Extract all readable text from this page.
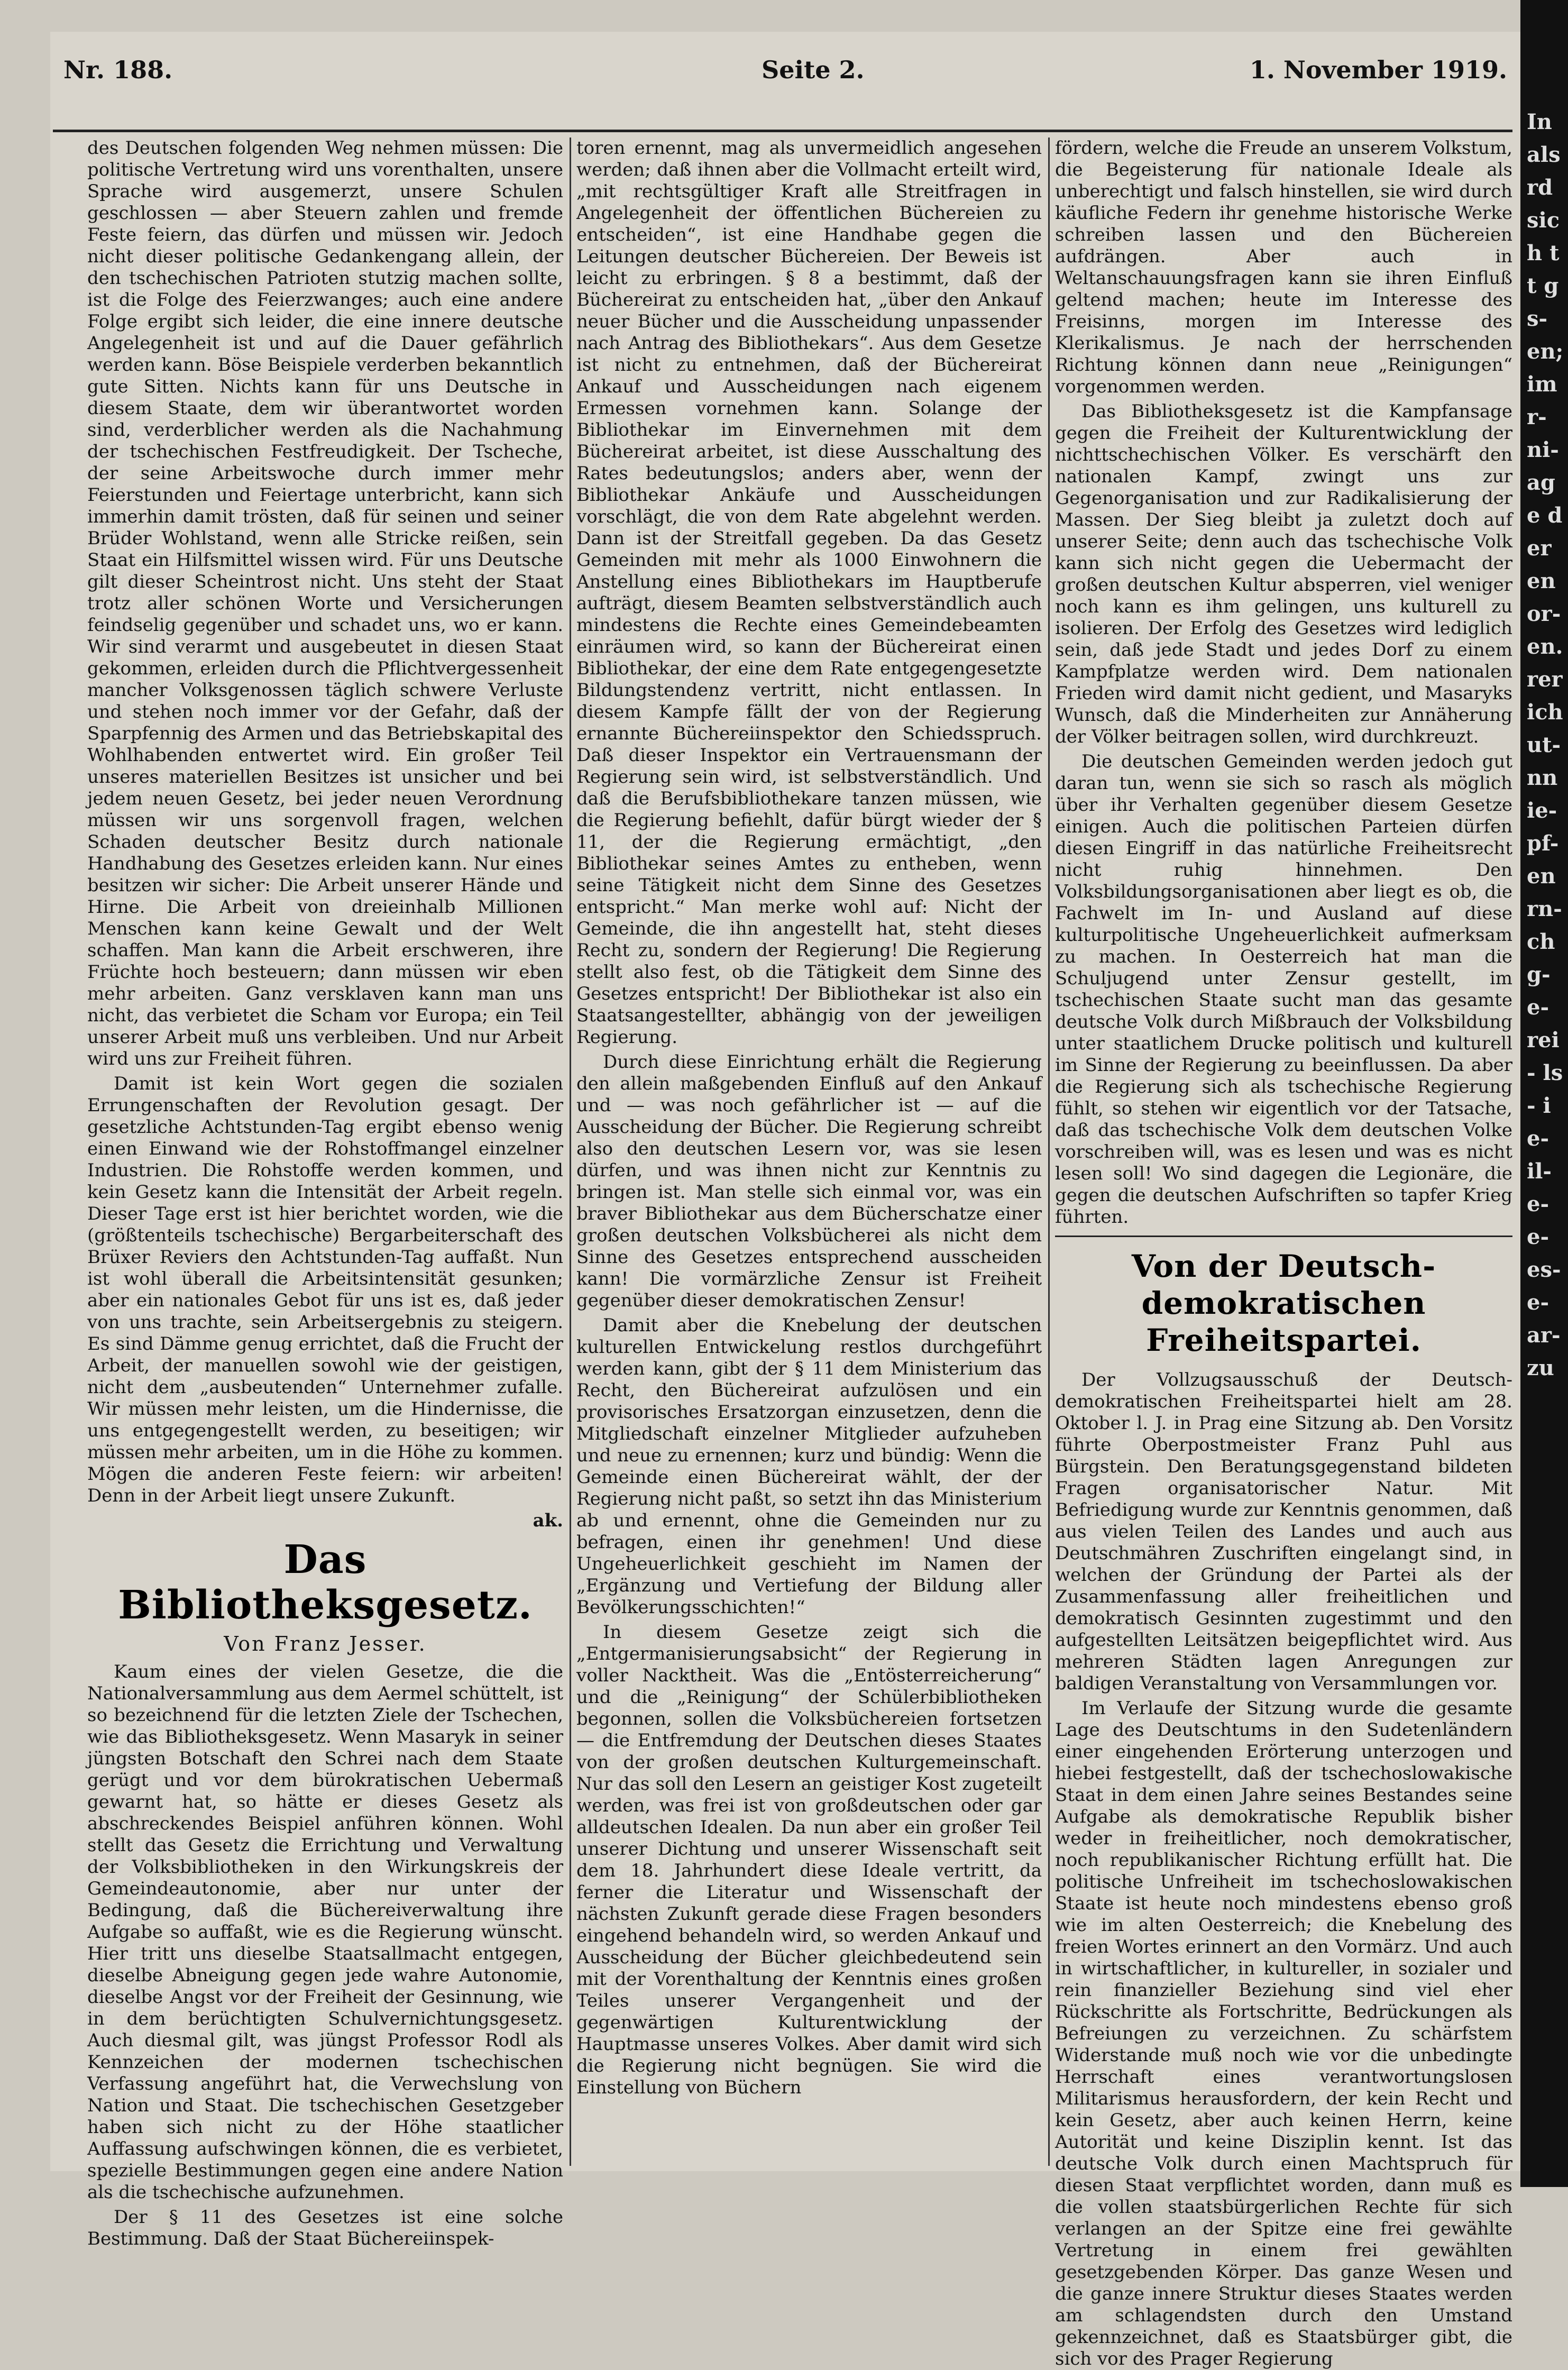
In als rd sich tt gs- en; im r- ni- age der en or- en. rer ich ut- nn ie- pf- en rn- ch g- e- rei- ls- ie- il- e- e- es- e- ar- zu
Nr. 188.	Seite 2.	1. November 1919.

des Deutschen folgenden Weg nehmen müssen: Die politische Vertretung wird uns vorenthalten, unsere Sprache wird ausgemerzt, unsere Schulen geschlossen — aber Steuern zahlen und fremde Feste feiern, das dürfen und müssen wir. Jedoch nicht dieser politische Gedankengang allein, der den tschechischen Patrioten stutzig machen sollte, ist die Folge des Feierzwanges; auch eine andere Folge ergibt sich leider, die eine innere deutsche Angelegenheit ist und auf die Dauer gefährlich werden kann. Böse Beispiele verderben bekanntlich gute Sitten. Nichts kann für uns Deutsche in diesem Staate, dem wir überantwortet worden sind, verderblicher werden als die Nachahmung der tschechischen Festfreudigkeit. Der Tscheche, der seine Arbeitswoche durch immer mehr Feierstunden und Feiertage unterbricht, kann sich immerhin damit trösten, daß für seinen und seiner Brüder Wohlstand, wenn alle Stricke reißen, sein Staat ein Hilfsmittel wissen wird. Für uns Deutsche gilt dieser Scheintrost nicht. Uns steht der Staat trotz aller schönen Worte und Versicherungen feindselig gegenüber und schadet uns, wo er kann. Wir sind verarmt und ausgebeutet in diesen Staat gekommen, erleiden durch die Pflichtvergessenheit mancher Volksgenossen täglich schwere Verluste und stehen noch immer vor der Gefahr, daß der Sparpfennig des Armen und das Betriebskapital des Wohlhabenden entwertet wird. Ein großer Teil unseres materiellen Besitzes ist unsicher und bei jedem neuen Gesetz, bei jeder neuen Verordnung müssen wir uns sorgenvoll fragen, welchen Schaden deutscher Besitz durch nationale Handhabung des Gesetzes erleiden kann. Nur eines besitzen wir sicher: Die Arbeit unserer Hände und Hirne. Die Arbeit von dreieinhalb Millionen Menschen kann keine Gewalt und der Welt schaffen. Man kann die Arbeit erschweren, ihre Früchte hoch besteuern; dann müssen wir eben mehr arbeiten. Ganz versklaven kann man uns nicht, das verbietet die Scham vor Europa; ein Teil unserer Arbeit muß uns verbleiben. Und nur Arbeit wird uns zur Freiheit führen.

Damit ist kein Wort gegen die sozialen Errungenschaften der Revolution gesagt. Der gesetzliche Achtstunden-Tag ergibt ebenso wenig einen Einwand wie der Rohstoffmangel einzelner Industrien. Die Rohstoffe werden kommen, und kein Gesetz kann die Intensität der Arbeit regeln. Dieser Tage erst ist hier berichtet worden, wie die (größtenteils tschechische) Bergarbeiterschaft des Brüxer Reviers den Achtstunden-Tag auffaßt. Nun ist wohl überall die Arbeitsintensität gesunken; aber ein nationales Gebot für uns ist es, daß jeder von uns trachte, sein Arbeitsergebnis zu steigern. Es sind Dämme genug errichtet, daß die Frucht der Arbeit, der manuellen sowohl wie der geistigen, nicht dem „ausbeutenden“ Unternehmer zufalle. Wir müssen mehr leisten, um die Hindernisse, die uns entgegengestellt werden, zu beseitigen; wir müssen mehr arbeiten, um in die Höhe zu kommen. Mögen die anderen Feste feiern: wir arbeiten! Denn in der Arbeit liegt unsere Zukunft.

ak.

Das Bibliotheksgesetz.
Von Franz Jesser.

Kaum eines der vielen Gesetze, die die Nationalversammlung aus dem Aermel schüttelt, ist so bezeichnend für die letzten Ziele der Tschechen, wie das Bibliotheksgesetz. Wenn Masaryk in seiner jüngsten Botschaft den Schrei nach dem Staate gerügt und vor dem bürokratischen Uebermaß gewarnt hat, so hätte er dieses Gesetz als abschreckendes Beispiel anführen können. Wohl stellt das Gesetz die Errichtung und Verwaltung der Volksbibliotheken in den Wirkungskreis der Gemeindeautonomie, aber nur unter der Bedingung, daß die Büchereiverwaltung ihre Aufgabe so auffaßt, wie es die Regierung wünscht. Hier tritt uns dieselbe Staatsallmacht entgegen, dieselbe Abneigung gegen jede wahre Autonomie, dieselbe Angst vor der Freiheit der Gesinnung, wie in dem berüchtigten Schulvernichtungsgesetz. Auch diesmal gilt, was jüngst Professor Rodl als Kennzeichen der modernen tschechischen Verfassung angeführt hat, die Verwechslung von Nation und Staat. Die tschechischen Gesetzgeber haben sich nicht zu der Höhe staatlicher Auffassung aufschwingen können, die es verbietet, spezielle Bestimmungen gegen eine andere Nation als die tschechische aufzunehmen.

Der § 11 des Gesetzes ist eine solche Bestimmung. Daß der Staat Büchereiinspek-

toren ernennt, mag als unvermeidlich angesehen werden; daß ihnen aber die Vollmacht erteilt wird, „mit rechtsgültiger Kraft alle Streitfragen in Angelegenheit der öffentlichen Büchereien zu entscheiden“, ist eine Handhabe gegen die Leitungen deutscher Büchereien. Der Beweis ist leicht zu erbringen. § 8 a bestimmt, daß der Büchereirat zu entscheiden hat, „über den Ankauf neuer Bücher und die Ausscheidung unpassender nach Antrag des Bibliothekars“. Aus dem Gesetze ist nicht zu entnehmen, daß der Büchereirat Ankauf und Ausscheidungen nach eigenem Ermessen vornehmen kann. Solange der Bibliothekar im Einvernehmen mit dem Büchereirat arbeitet, ist diese Ausschaltung des Rates bedeutungslos; anders aber, wenn der Bibliothekar Ankäufe und Ausscheidungen vorschlägt, die von dem Rate abgelehnt werden. Dann ist der Streitfall gegeben. Da das Gesetz Gemeinden mit mehr als 1000 Einwohnern die Anstellung eines Bibliothekars im Hauptberufe aufträgt, diesem Beamten selbstverständlich auch mindestens die Rechte eines Gemeindebeamten einräumen wird, so kann der Büchereirat einen Bibliothekar, der eine dem Rate entgegengesetzte Bildungstendenz vertritt, nicht entlassen. In diesem Kampfe fällt der von der Regierung ernannte Büchereiinspektor den Schiedsspruch. Daß dieser Inspektor ein Vertrauensmann der Regierung sein wird, ist selbstverständlich. Und daß die Berufsbibliothekare tanzen müssen, wie die Regierung befiehlt, dafür bürgt wieder der § 11, der die Regierung ermächtigt, „den Bibliothekar seines Amtes zu entheben, wenn seine Tätigkeit nicht dem Sinne des Gesetzes entspricht.“ Man merke wohl auf: Nicht der Gemeinde, die ihn angestellt hat, steht dieses Recht zu, sondern der Regierung! Die Regierung stellt also fest, ob die Tätigkeit dem Sinne des Gesetzes entspricht! Der Bibliothekar ist also ein Staatsangestellter, abhängig von der jeweiligen Regierung.

Durch diese Einrichtung erhält die Regierung den allein maßgebenden Einfluß auf den Ankauf und — was noch gefährlicher ist — auf die Ausscheidung der Bücher. Die Regierung schreibt also den deutschen Lesern vor, was sie lesen dürfen, und was ihnen nicht zur Kenntnis zu bringen ist. Man stelle sich einmal vor, was ein braver Bibliothekar aus dem Bücherschatze einer großen deutschen Volksbücherei als nicht dem Sinne des Gesetzes entsprechend ausscheiden kann! Die vormärzliche Zensur ist Freiheit gegenüber dieser demokratischen Zensur!

Damit aber die Knebelung der deutschen kulturellen Entwickelung restlos durchgeführt werden kann, gibt der § 11 dem Ministerium das Recht, den Büchereirat aufzulösen und ein provisorisches Ersatzorgan einzusetzen, denn die Mitgliedschaft einzelner Mitglieder aufzuheben und neue zu ernennen; kurz und bündig: Wenn die Gemeinde einen Büchereirat wählt, der der Regierung nicht paßt, so setzt ihn das Ministerium ab und ernennt, ohne die Gemeinden nur zu befragen, einen ihr genehmen! Und diese Ungeheuerlichkeit geschieht im Namen der „Ergänzung und Vertiefung der Bildung aller Bevölkerungsschichten!“

In diesem Gesetze zeigt sich die „Entgermanisierungsabsicht“ der Regierung in voller Nacktheit. Was die „Entösterreicherung“ und die „Reinigung“ der Schülerbibliotheken begonnen, sollen die Volksbüchereien fortsetzen — die Entfremdung der Deutschen dieses Staates von der großen deutschen Kulturgemeinschaft. Nur das soll den Lesern an geistiger Kost zugeteilt werden, was frei ist von großdeutschen oder gar alldeutschen Idealen. Da nun aber ein großer Teil unserer Dichtung und unserer Wissenschaft seit dem 18. Jahrhundert diese Ideale vertritt, da ferner die Literatur und Wissenschaft der nächsten Zukunft gerade diese Fragen besonders eingehend behandeln wird, so werden Ankauf und Ausscheidung der Bücher gleichbedeutend sein mit der Vorenthaltung der Kenntnis eines großen Teiles unserer Vergangenheit und der gegenwärtigen Kulturentwicklung der Hauptmasse unseres Volkes. Aber damit wird sich die Regierung nicht begnügen. Sie wird die Einstellung von Büchern

fördern, welche die Freude an unserem Volkstum, die Begeisterung für nationale Ideale als unberechtigt und falsch hinstellen, sie wird durch käufliche Federn ihr genehme historische Werke schreiben lassen und den Büchereien aufdrängen. Aber auch in Weltanschauungsfragen kann sie ihren Einfluß geltend machen; heute im Interesse des Freisinns, morgen im Interesse des Klerikalismus. Je nach der herrschenden Richtung können dann neue „Reinigungen“ vorgenommen werden.

Das Bibliotheksgesetz ist die Kampfansage gegen die Freiheit der Kulturentwicklung der nichttschechischen Völker. Es verschärft den nationalen Kampf, zwingt uns zur Gegenorganisation und zur Radikalisierung der Massen. Der Sieg bleibt ja zuletzt doch auf unserer Seite; denn auch das tschechische Volk kann sich nicht gegen die Uebermacht der großen deutschen Kultur absperren, viel weniger noch kann es ihm gelingen, uns kulturell zu isolieren. Der Erfolg des Gesetzes wird lediglich sein, daß jede Stadt und jedes Dorf zu einem Kampfplatze werden wird. Dem nationalen Frieden wird damit nicht gedient, und Masaryks Wunsch, daß die Minderheiten zur Annäherung der Völker beitragen sollen, wird durchkreuzt.

Die deutschen Gemeinden werden jedoch gut daran tun, wenn sie sich so rasch als möglich über ihr Verhalten gegenüber diesem Gesetze einigen. Auch die politischen Parteien dürfen diesen Eingriff in das natürliche Freiheitsrecht nicht ruhig hinnehmen. Den Volksbildungsorganisationen aber liegt es ob, die Fachwelt im In- und Ausland auf diese kulturpolitische Ungeheuerlichkeit aufmerksam zu machen. In Oesterreich hat man die Schuljugend unter Zensur gestellt, im tschechischen Staate sucht man das gesamte deutsche Volk durch Mißbrauch der Volksbildung unter staatlichem Drucke politisch und kulturell im Sinne der Regierung zu beeinflussen. Da aber die Regierung sich als tschechische Regierung fühlt, so stehen wir eigentlich vor der Tatsache, daß das tschechische Volk dem deutschen Volke vorschreiben will, was es lesen und was es nicht lesen soll! Wo sind dagegen die Legionäre, die gegen die deutschen Aufschriften so tapfer Krieg führten.

Von der Deutsch-demokratischen Freiheitspartei.

Der Vollzugsausschuß der Deutsch-demokratischen Freiheitspartei hielt am 28. Oktober l. J. in Prag eine Sitzung ab. Den Vorsitz führte Oberpostmeister Franz Puhl aus Bürgstein. Den Beratungsgegenstand bildeten Fragen organisatorischer Natur. Mit Befriedigung wurde zur Kenntnis genommen, daß aus vielen Teilen des Landes und auch aus Deutschmähren Zuschriften eingelangt sind, in welchen der Gründung der Partei als der Zusammenfassung aller freiheitlichen und demokratisch Gesinnten zugestimmt und den aufgestellten Leitsätzen beigepflichtet wird. Aus mehreren Städten lagen Anregungen zur baldigen Veranstaltung von Versammlungen vor.

Im Verlaufe der Sitzung wurde die gesamte Lage des Deutschtums in den Sudetenländern einer eingehenden Erörterung unterzogen und hiebei festgestellt, daß der tschechoslowakische Staat in dem einen Jahre seines Bestandes seine Aufgabe als demokratische Republik bisher weder in freiheitlicher, noch demokratischer, noch republikanischer Richtung erfüllt hat. Die politische Unfreiheit im tschechoslowakischen Staate ist heute noch mindestens ebenso groß wie im alten Oesterreich; die Knebelung des freien Wortes erinnert an den Vormärz. Und auch in wirtschaftlicher, in kultureller, in sozialer und rein finanzieller Beziehung sind viel eher Rückschritte als Fortschritte, Bedrückungen als Befreiungen zu verzeichnen. Zu schärfstem Widerstande muß noch wie vor die unbedingte Herrschaft eines verantwortungslosen Militarismus herausfordern, der kein Recht und kein Gesetz, aber auch keinen Herrn, keine Autorität und keine Disziplin kennt. Ist das deutsche Volk durch einen Machtspruch für diesen Staat verpflichtet worden, dann muß es die vollen staatsbürgerlichen Rechte für sich verlangen an der Spitze eine frei gewählte Vertretung in einem frei gewählten gesetzgebenden Körper. Das ganze Wesen und die ganze innere Struktur dieses Staates werden am schlagendsten durch den Umstand gekennzeichnet, daß es Staatsbürger gibt, die sich vor des Prager Regierung
